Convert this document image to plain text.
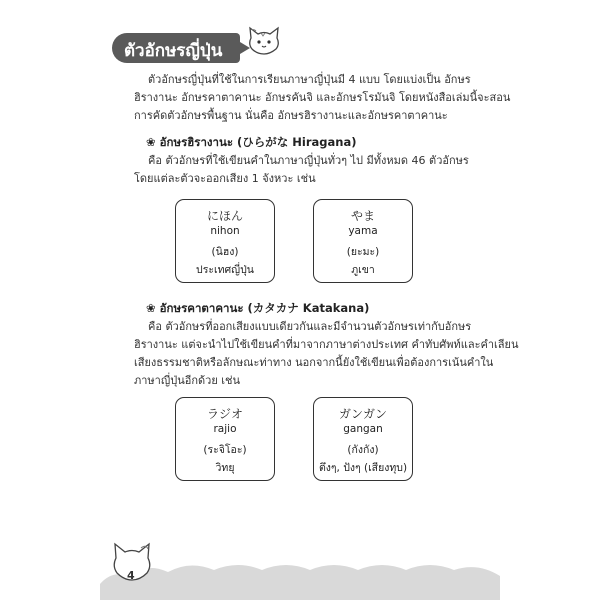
ตัวอักษรญี่ปุ่น
ตัวอักษรญี่ปุ่นที่ใช้ในการเรียนภาษาญี่ปุ่นมี 4 แบบ โดยแบ่งเป็น อักษร
ฮิรางานะ อักษรคาตาคานะ อักษรคันจิ และอักษรโรมันจิ โดยหนังสือเล่มนี้จะสอน
การคัดตัวอักษรพื้นฐาน นั่นคือ อักษรฮิรางานะและอักษรคาตาคานะ
❀ อักษรฮิรางานะ (ひらがな Hiragana)
คือ ตัวอักษรที่ใช้เขียนคำในภาษาญี่ปุ่นทั่วๆ ไป มีทั้งหมด 46 ตัวอักษร
โดยแต่ละตัวจะออกเสียง 1 จังหวะ เช่น
にほん
nihon
(นิฮง)
ประเทศญี่ปุ่น
やま
yama
(ยะมะ)
ภูเขา
❀ อักษรคาตาคานะ (カタカナ Katakana)
คือ ตัวอักษรที่ออกเสียงแบบเดียวกันและมีจำนวนตัวอักษรเท่ากับอักษร
ฮิรางานะ แต่จะนำไปใช้เขียนคำที่มาจากภาษาต่างประเทศ คำทับศัพท์และคำเลียน
เสียงธรรมชาติหรือลักษณะท่าทาง นอกจากนี้ยังใช้เขียนเพื่อต้องการเน้นคำใน
ภาษาญี่ปุ่นอีกด้วย เช่น
ラジオ
rajio
(ระจิโอะ)
วิทยุ
ガンガン
gangan
(กังกัง)
ตึงๆ, ปังๆ (เสียงทุบ)
4
